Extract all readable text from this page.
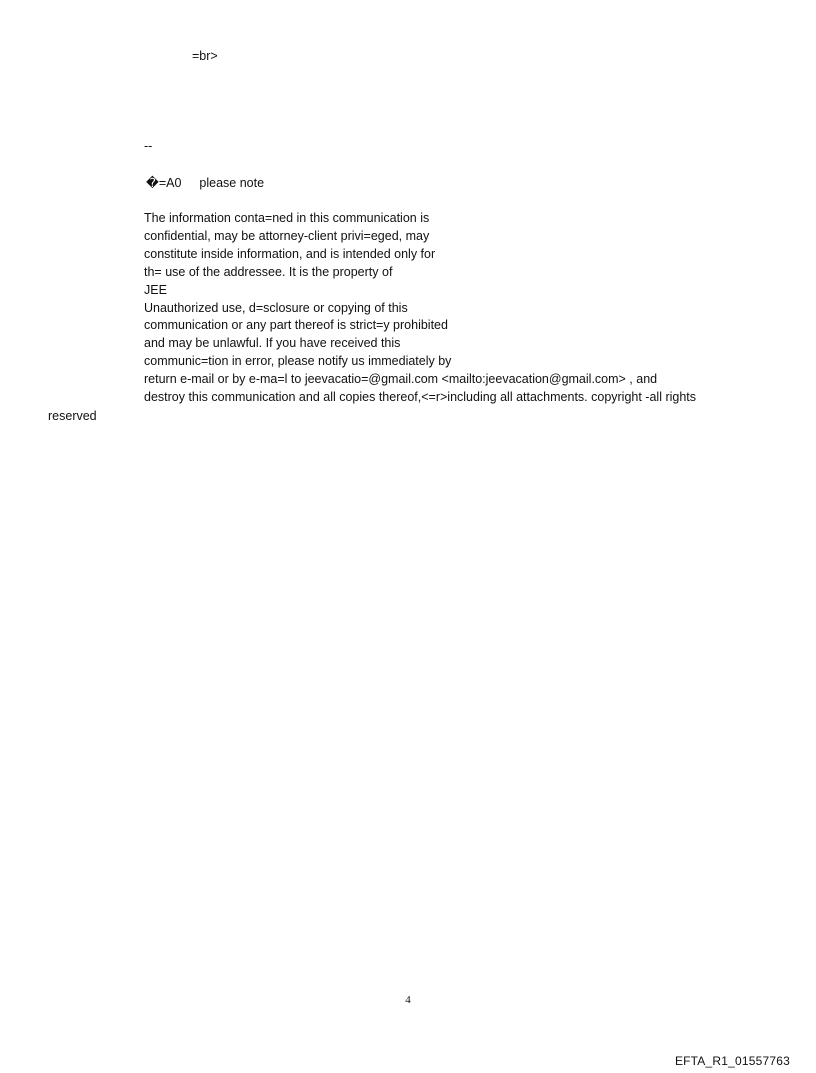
=br>
--
�=A0 please note
The information conta=ned in this communication is
confidential, may be attorney-client privi=eged, may
constitute inside information, and is intended only for
th= use of the addressee. It is the property of
JEE
Unauthorized use, d=sclosure or copying of this
communication or any part thereof is strict=y prohibited
and may be unlawful. If you have received this
communic=tion in error, please notify us immediately by
return e-mail or by e-ma=l to jeevacatio=@gmail.com <mailto:jeevacation@gmail.com> , and
destroy this communication and all copies thereof,<=r>including all attachments. copyright -all rights
reserved
4
EFTA_R1_01557763
